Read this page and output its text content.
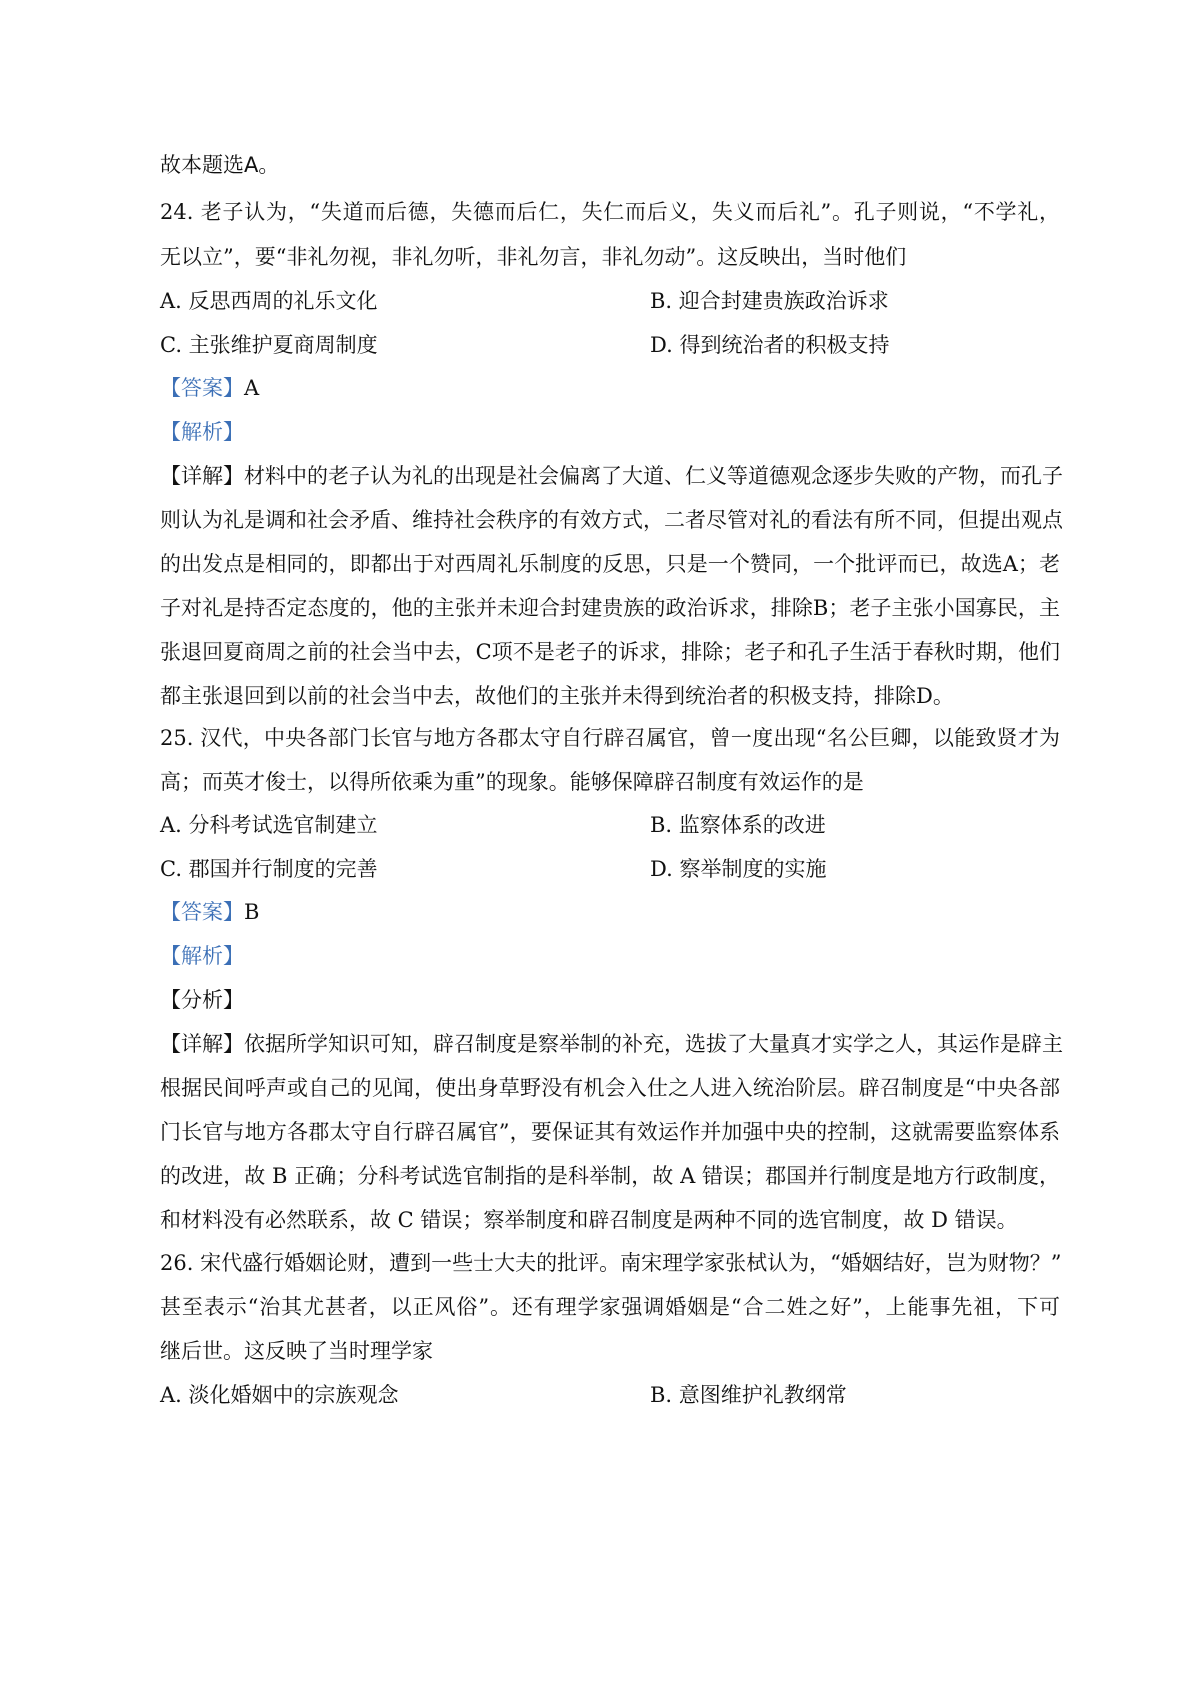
故本题选A。
24. 老子认为，“失道而后德，失德而后仁，失仁而后义，失义而后礼”。孔子则说，“不学礼，
无以立”，要“非礼勿视，非礼勿听，非礼勿言，非礼勿动”。这反映出，当时他们
A. 反思西周的礼乐文化	B. 迎合封建贵族政治诉求
C. 主张维护夏商周制度	D. 得到统治者的积极支持
【答案】A
【解析】
【详解】材料中的老子认为礼的出现是社会偏离了大道、仁义等道德观念逐步失败的产物，而孔子
则认为礼是调和社会矛盾、维持社会秩序的有效方式，二者尽管对礼的看法有所不同，但提出观点
的出发点是相同的，即都出于对西周礼乐制度的反思，只是一个赞同，一个批评而已，故选A；老
子对礼是持否定态度的，他的主张并未迎合封建贵族的政治诉求，排除B；老子主张小国寡民，主
张退回夏商周之前的社会当中去，C项不是老子的诉求，排除；老子和孔子生活于春秋时期，他们
都主张退回到以前的社会当中去，故他们的主张并未得到统治者的积极支持，排除D。
25. 汉代，中央各部门长官与地方各郡太守自行辟召属官，曾一度出现“名公巨卿，以能致贤才为
高；而英才俊士，以得所依乘为重”的现象。能够保障辟召制度有效运作的是
A. 分科考试选官制建立	B. 监察体系的改进
C. 郡国并行制度的完善	D. 察举制度的实施
【答案】B
【解析】
【分析】
【详解】依据所学知识可知，辟召制度是察举制的补充，选拔了大量真才实学之人，其运作是辟主
根据民间呼声或自己的见闻，使出身草野没有机会入仕之人进入统治阶层。辟召制度是“中央各部
门长官与地方各郡太守自行辟召属官”，要保证其有效运作并加强中央的控制，这就需要监察体系
的改进，故 B 正确；分科考试选官制指的是科举制，故 A 错误；郡国并行制度是地方行政制度，
和材料没有必然联系，故 C 错误；察举制度和辟召制度是两种不同的选官制度，故 D 错误。
26. 宋代盛行婚姻论财，遭到一些士大夫的批评。南宋理学家张栻认为，“婚姻结好，岂为财物？”
甚至表示“治其尤甚者，以正风俗”。还有理学家强调婚姻是“合二姓之好”，上能事先祖，下可
继后世。这反映了当时理学家
A. 淡化婚姻中的宗族观念	B. 意图维护礼教纲常
